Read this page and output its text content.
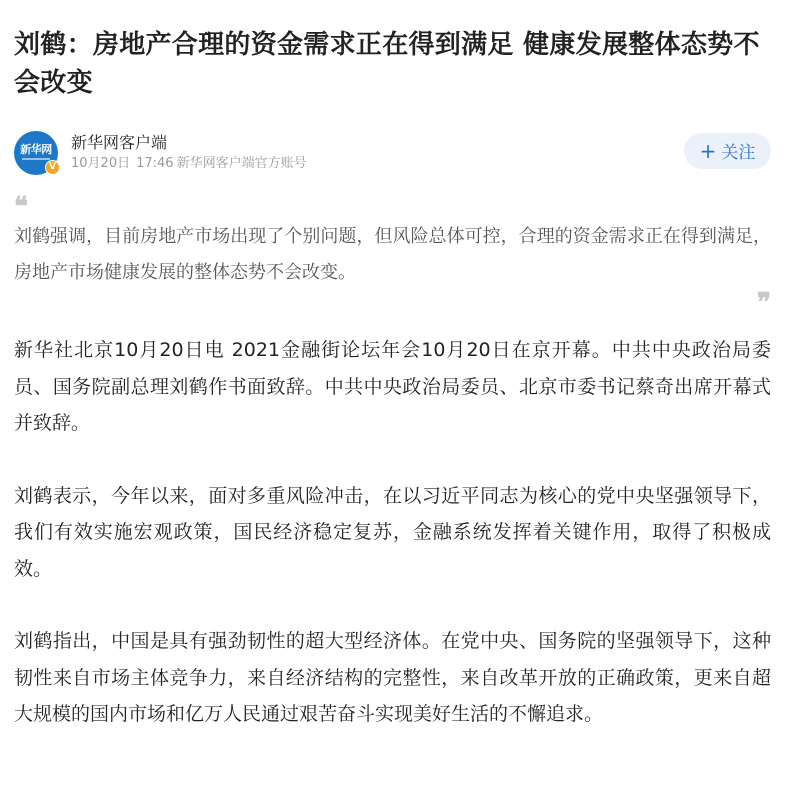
刘鹤：房地产合理的资金需求正在得到满足 健康发展整体态势不会改变
新华网
V
新华网客户端
10月20日 17:46 新华网客户端官方账号
+ 关注
❝

刘鹤强调，目前房地产市场出现了个别问题，但风险总体可控，合理的资金需求正在得到满足，房地产市场健康发展的整体态势不会改变。

❞

新华社北京10月20日电 2021金融街论坛年会10月20日在京开幕。中共中央政治局委员、国务院副总理刘鹤作书面致辞。中共中央政治局委员、北京市委书记蔡奇出席开幕式并致辞。

刘鹤表示，今年以来，面对多重风险冲击，在以习近平同志为核心的党中央坚强领导下，我们有效实施宏观政策，国民经济稳定复苏，金融系统发挥着关键作用，取得了积极成效。

刘鹤指出，中国是具有强劲韧性的超大型经济体。在党中央、国务院的坚强领导下，这种韧性来自市场主体竞争力，来自经济结构的完整性，来自改革开放的正确政策，更来自超大规模的国内市场和亿万人民通过艰苦奋斗实现美好生活的不懈追求。
